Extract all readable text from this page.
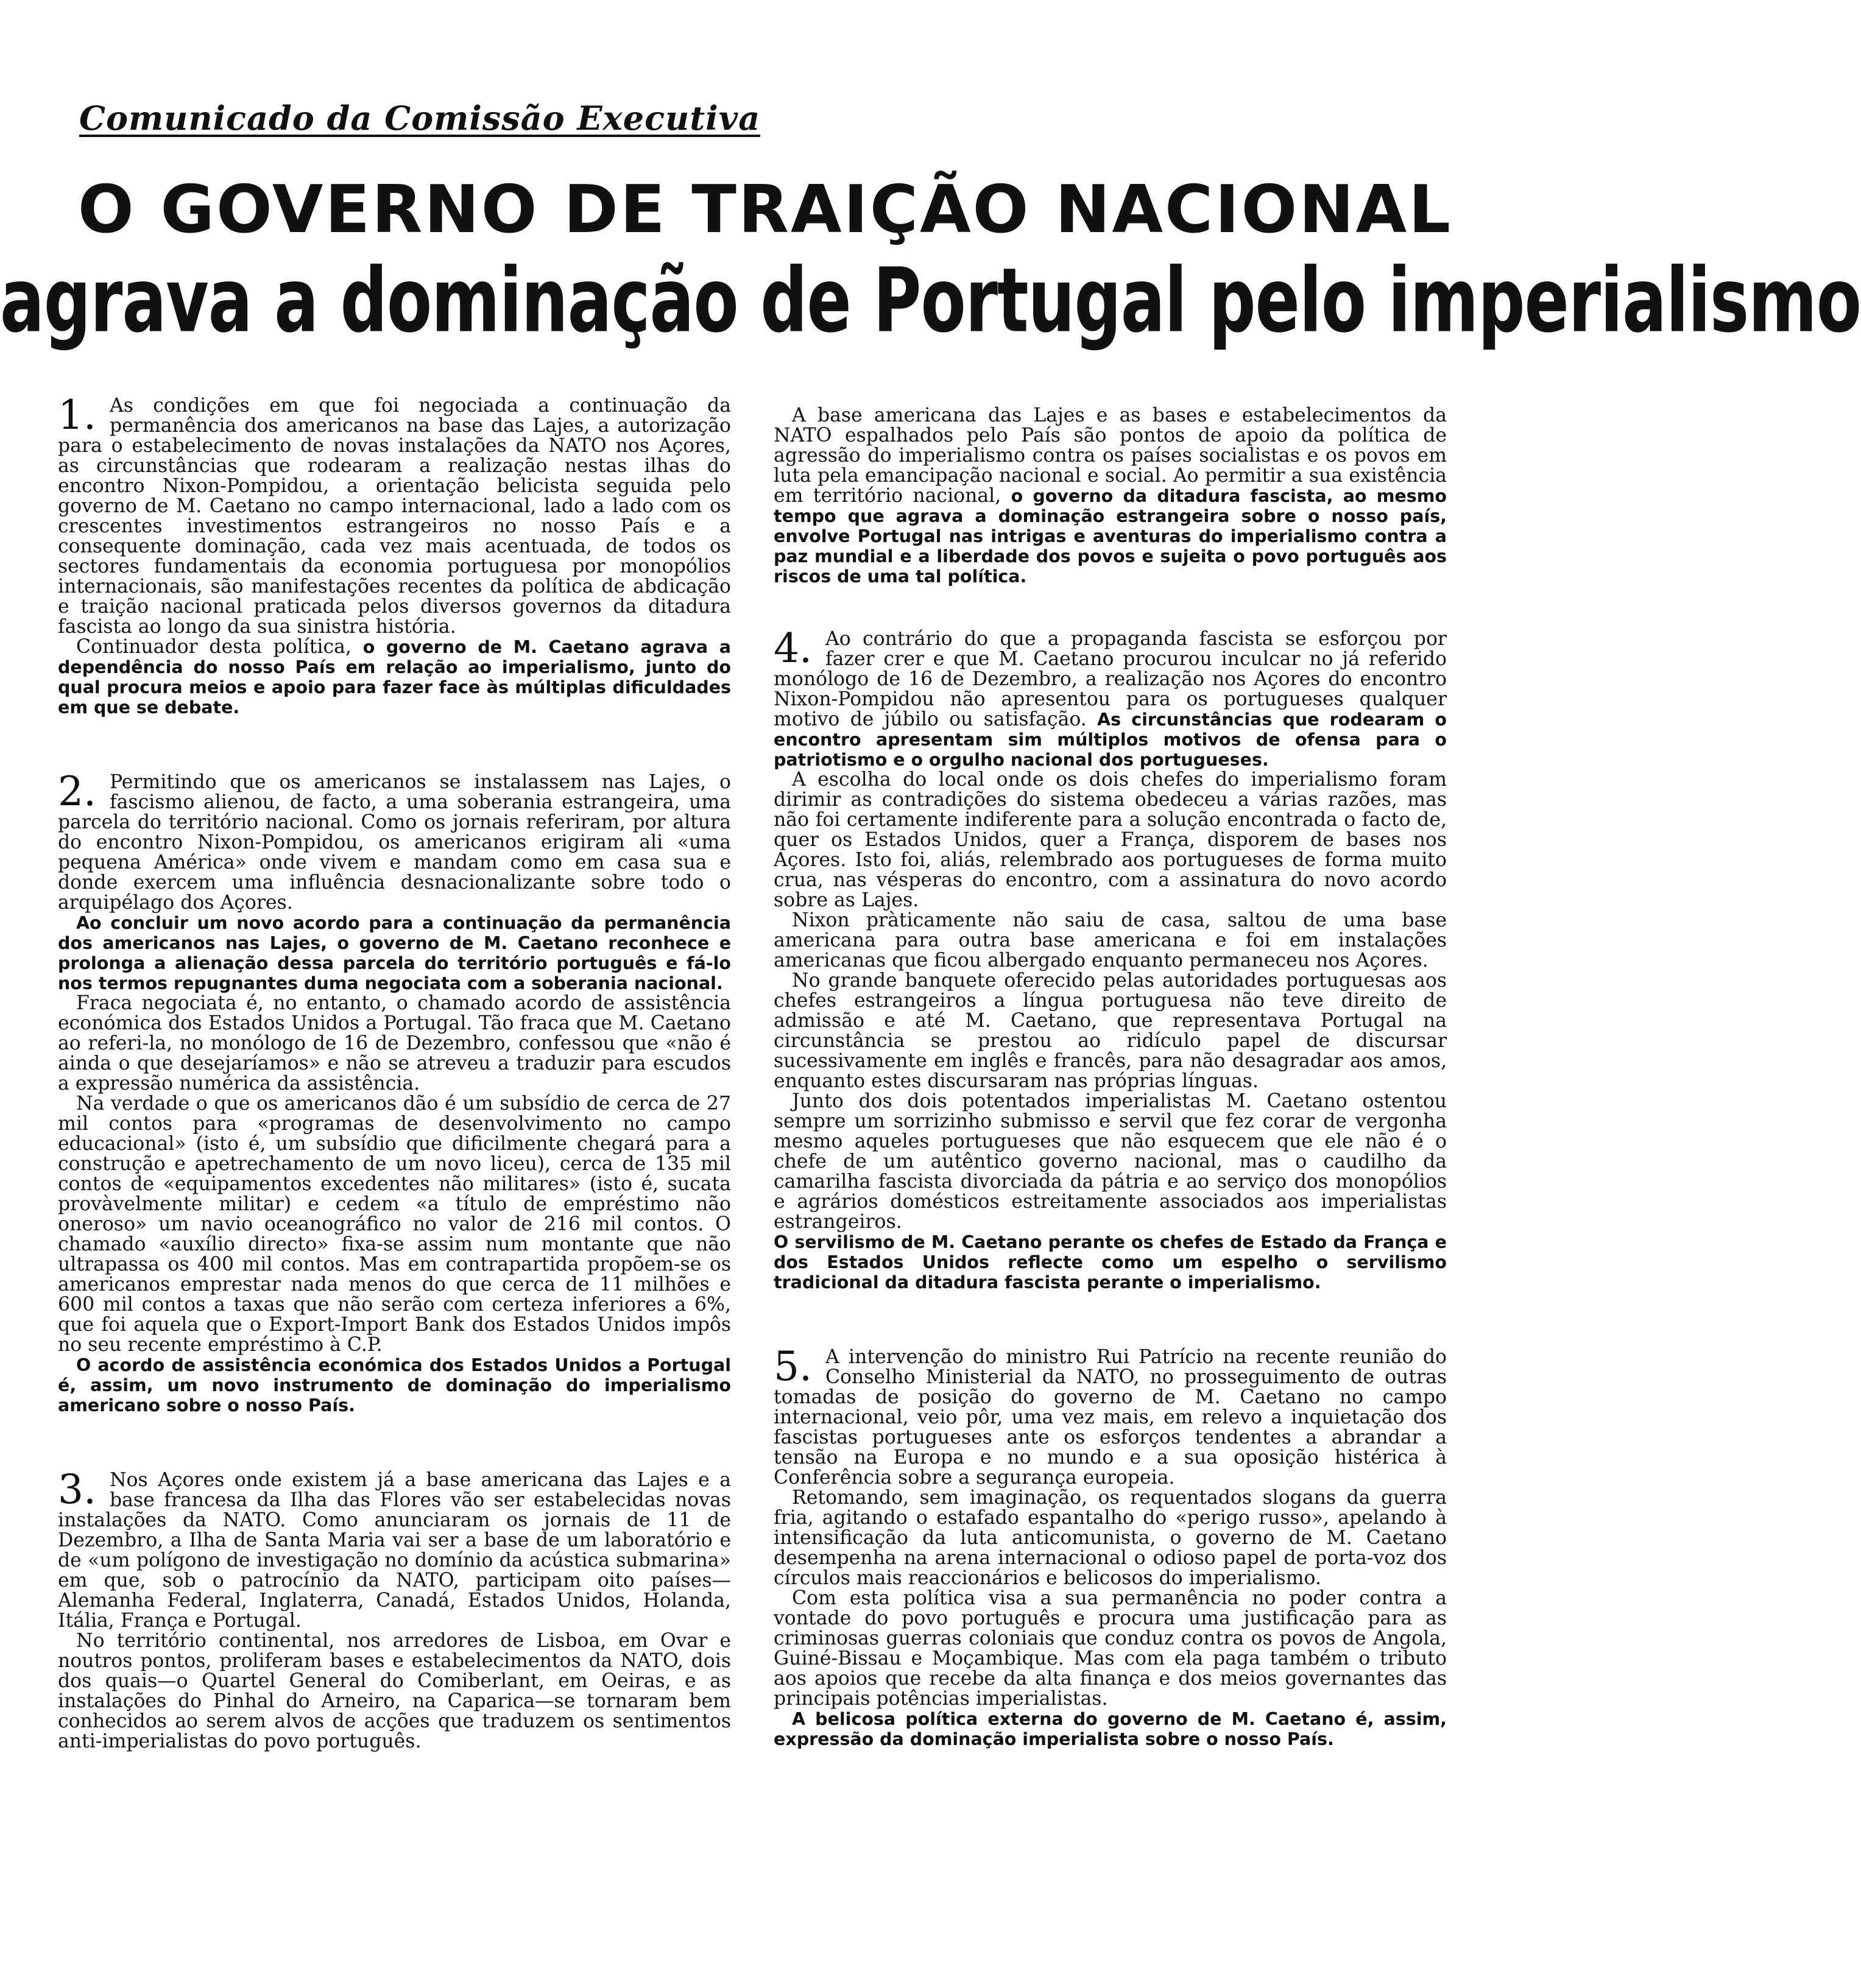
Comunicado da Comissão Executiva
O GOVERNO DE TRAIÇÃO NACIONAL
agrava a dominação de Portugal pelo imperialismo
1. As condições em que foi negociada a continuação da permanência dos americanos na base das Lajes, a autorização para o estabelecimento de novas instalações da NATO nos Açores, as circunstâncias que rodearam a realização nestas ilhas do encontro Nixon-Pompidou, a orientação belicista seguida pelo governo de M. Caetano no campo internacional, lado a lado com os crescentes investimentos estrangeiros no nosso País e a consequente dominação, cada vez mais acentuada, de todos os sectores fundamentais da economia portuguesa por monopólios internacionais, são manifestações recentes da política de abdicação e traição nacional praticada pelos diversos governos da ditadura fascista ao longo da sua sinistra história.

Continuador desta política, o governo de M. Caetano agrava a dependência do nosso País em relação ao imperialismo, junto do qual procura meios e apoio para fazer face às múltiplas dificuldades em que se debate.

2. Permitindo que os americanos se instalassem nas Lajes, o fascismo alienou, de facto, a uma soberania estrangeira, uma parcela do território nacional. Como os jornais referiram, por altura do encontro Nixon-Pompidou, os americanos erigiram ali «uma pequena América» onde vivem e mandam como em casa sua e donde exercem uma influência desnacionalizante sobre todo o arquipélago dos Açores.

Ao concluir um novo acordo para a continuação da permanência dos americanos nas Lajes, o governo de M. Caetano reconhece e prolonga a alienação dessa parcela do território português e fá-lo nos termos repugnantes duma negociata com a soberania nacional.

Fraca negociata é, no entanto, o chamado acordo de assistência económica dos Estados Unidos a Portugal. Tão fraca que M. Caetano ao referi-la, no monólogo de 16 de Dezembro, confessou que «não é ainda o que desejaríamos» e não se atreveu a traduzir para escudos a expressão numérica da assistência.

Na verdade o que os americanos dão é um subsídio de cerca de 27 mil contos para «programas de desenvolvimento no campo educacional» (isto é, um subsídio que dificilmente chegará para a construção e apetrechamento de um novo liceu), cerca de 135 mil contos de «equipamentos excedentes não militares» (isto é, sucata provàvelmente militar) e cedem «a título de empréstimo não oneroso» um navio oceanográfico no valor de 216 mil contos. O chamado «auxílio directo» fixa-se assim num montante que não ultrapassa os 400 mil contos. Mas em contrapartida propõem-se os americanos emprestar nada menos do que cerca de 11 milhões e 600 mil contos a taxas que não serão com certeza inferiores a 6%, que foi aquela que o Export-Import Bank dos Estados Unidos impôs no seu recente empréstimo à C.P.

O acordo de assistência económica dos Estados Unidos a Portugal é, assim, um novo instrumento de dominação do imperialismo americano sobre o nosso País.

3. Nos Açores onde existem já a base americana das Lajes e a base francesa da Ilha das Flores vão ser estabelecidas novas instalações da NATO. Como anunciaram os jornais de 11 de Dezembro, a Ilha de Santa Maria vai ser a base de um laboratório e de «um polígono de investigação no domínio da acústica submarina» em que, sob o patrocínio da NATO, participam oito países—Alemanha Federal, Inglaterra, Canadá, Estados Unidos, Holanda, Itália, França e Portugal.

No território continental, nos arredores de Lisboa, em Ovar e noutros pontos, proliferam bases e estabelecimentos da NATO, dois dos quais—o Quartel General do Comiberlant, em Oeiras, e as instalações do Pinhal do Arneiro, na Caparica—se tornaram bem conhecidos ao serem alvos de acções que traduzem os sentimentos anti-imperialistas do povo português.

A base americana das Lajes e as bases e estabelecimentos da NATO espalhados pelo País são pontos de apoio da política de agressão do imperialismo contra os países socialistas e os povos em luta pela emancipação nacional e social. Ao permitir a sua existência em território nacional, o governo da ditadura fascista, ao mesmo tempo que agrava a dominação estrangeira sobre o nosso país, envolve Portugal nas intrigas e aventuras do imperialismo contra a paz mundial e a liberdade dos povos e sujeita o povo português aos riscos de uma tal política.

4. Ao contrário do que a propaganda fascista se esforçou por fazer crer e que M. Caetano procurou inculcar no já referido monólogo de 16 de Dezembro, a realização nos Açores do encontro Nixon-Pompidou não apresentou para os portugueses qualquer motivo de júbilo ou satisfação. As circunstâncias que rodearam o encontro apresentam sim múltiplos motivos de ofensa para o patriotismo e o orgulho nacional dos portugueses.

A escolha do local onde os dois chefes do imperialismo foram dirimir as contradições do sistema obedeceu a várias razões, mas não foi certamente indiferente para a solução encontrada o facto de, quer os Estados Unidos, quer a França, disporem de bases nos Açores. Isto foi, aliás, relembrado aos portugueses de forma muito crua, nas vésperas do encontro, com a assinatura do novo acordo sobre as Lajes.

Nixon pràticamente não saiu de casa, saltou de uma base americana para outra base americana e foi em instalações americanas que ficou albergado enquanto permaneceu nos Açores.

No grande banquete oferecido pelas autoridades portuguesas aos chefes estrangeiros a língua portuguesa não teve direito de admissão e até M. Caetano, que representava Portugal na circunstância se prestou ao ridículo papel de discursar sucessivamente em inglês e francês, para não desagradar aos amos, enquanto estes discursaram nas próprias línguas.

Junto dos dois potentados imperialistas M. Caetano ostentou sempre um sorrizinho submisso e servil que fez corar de vergonha mesmo aqueles portugueses que não esquecem que ele não é o chefe de um autêntico governo nacional, mas o caudilho da camarilha fascista divorciada da pátria e ao serviço dos monopólios e agrários domésticos estreitamente associados aos imperialistas estrangeiros.

O servilismo de M. Caetano perante os chefes de Estado da França e dos Estados Unidos reflecte como um espelho o servilismo tradicional da ditadura fascista perante o imperialismo.

5. A intervenção do ministro Rui Patrício na recente reunião do Conselho Ministerial da NATO, no prosseguimento de outras tomadas de posição do governo de M. Caetano no campo internacional, veio pôr, uma vez mais, em relevo a inquietação dos fascistas portugueses ante os esforços tendentes a abrandar a tensão na Europa e no mundo e a sua oposição histérica à Conferência sobre a segurança europeia.

Retomando, sem imaginação, os requentados slogans da guerra fria, agitando o estafado espantalho do «perigo russo», apelando à intensificação da luta anticomunista, o governo de M. Caetano desempenha na arena internacional o odioso papel de porta-voz dos círculos mais reaccionários e belicosos do imperialismo.

Com esta política visa a sua permanência no poder contra a vontade do povo português e procura uma justificação para as criminosas guerras coloniais que conduz contra os povos de Angola, Guiné-Bissau e Moçambique. Mas com ela paga também o tributo aos apoios que recebe da alta finança e dos meios governantes das principais potências imperialistas.

A belicosa política externa do governo de M. Caetano é, assim, expressão da dominação imperialista sobre o nosso País.
